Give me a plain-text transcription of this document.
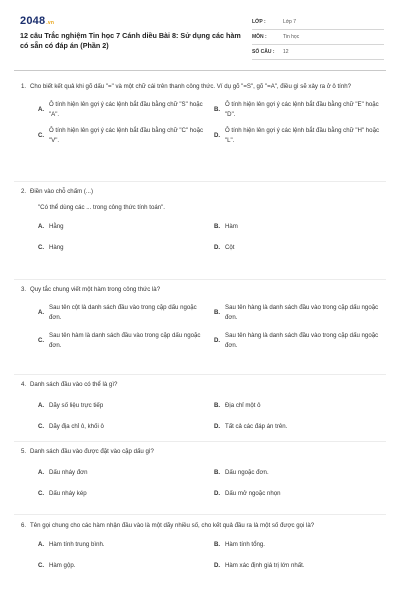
2048.vn
12 câu Trắc nghiệm Tin học 7 Cánh diều Bài 8: Sử dụng các hàm có sẵn có đáp án (Phần 2)
LỚP :	Lớp 7
MÔN :	Tin học
SỐ CÂU :	12
1. Cho biết kết quả khi gõ dấu "=" và một chữ cái trên thanh công thức. Ví dụ gõ "=S", gõ "=A", điều gì sẽ xảy ra ở ô tính?
A.
Ô tính hiện lên gợi ý các lệnh bắt đầu bằng chữ "S" hoặc "A".
B.
Ô tính hiện lên gợi ý các lệnh bắt đầu bằng chữ "E" hoặc "D".
C.
Ô tính hiện lên gợi ý các lệnh bắt đầu bằng chữ "C" hoặc "V".
D.
Ô tính hiện lên gợi ý các lệnh bắt đầu bằng chữ "H" hoặc "L".
2. Điền vào chỗ chấm (...)
"Có thể dùng các ... trong công thức tính toán".
A. Hằng	B. Hàm
C. Hàng	D. Cột
3. Quy tắc chung viết một hàm trong công thức là?
A.
Sau tên cột là danh sách đầu vào trong cặp dấu ngoặc đơn.
B.
Sau tên hàng là danh sách đầu vào trong cặp dấu ngoặc đơn.
C.
Sau tên hàm là danh sách đầu vào trong cặp dấu ngoặc đơn.
D.
Sau tên hàng là danh sách đầu vào trong cặp dấu ngoặc đơn.
4. Danh sách đầu vào có thể là gì?
A. Dãy số liệu trực tiếp	B. Địa chỉ một ô
C. Dãy địa chỉ ô, khối ô	D. Tất cả các đáp án trên.
5. Danh sách đầu vào được đặt vào cặp dấu gì?
A. Dấu nháy đơn	B. Dấu ngoặc đơn.
C. Dấu nháy kép	D. Dấu mở ngoặc nhọn
6. Tên gọi chung cho các hàm nhận đầu vào là một dãy nhiều số, cho kết quả đầu ra là một số được gọi là?
A. Hàm tính trung bình.	B. Hàm tính tổng.
C. Hàm gộp.	D. Hàm xác định giá trị lớn nhất.
